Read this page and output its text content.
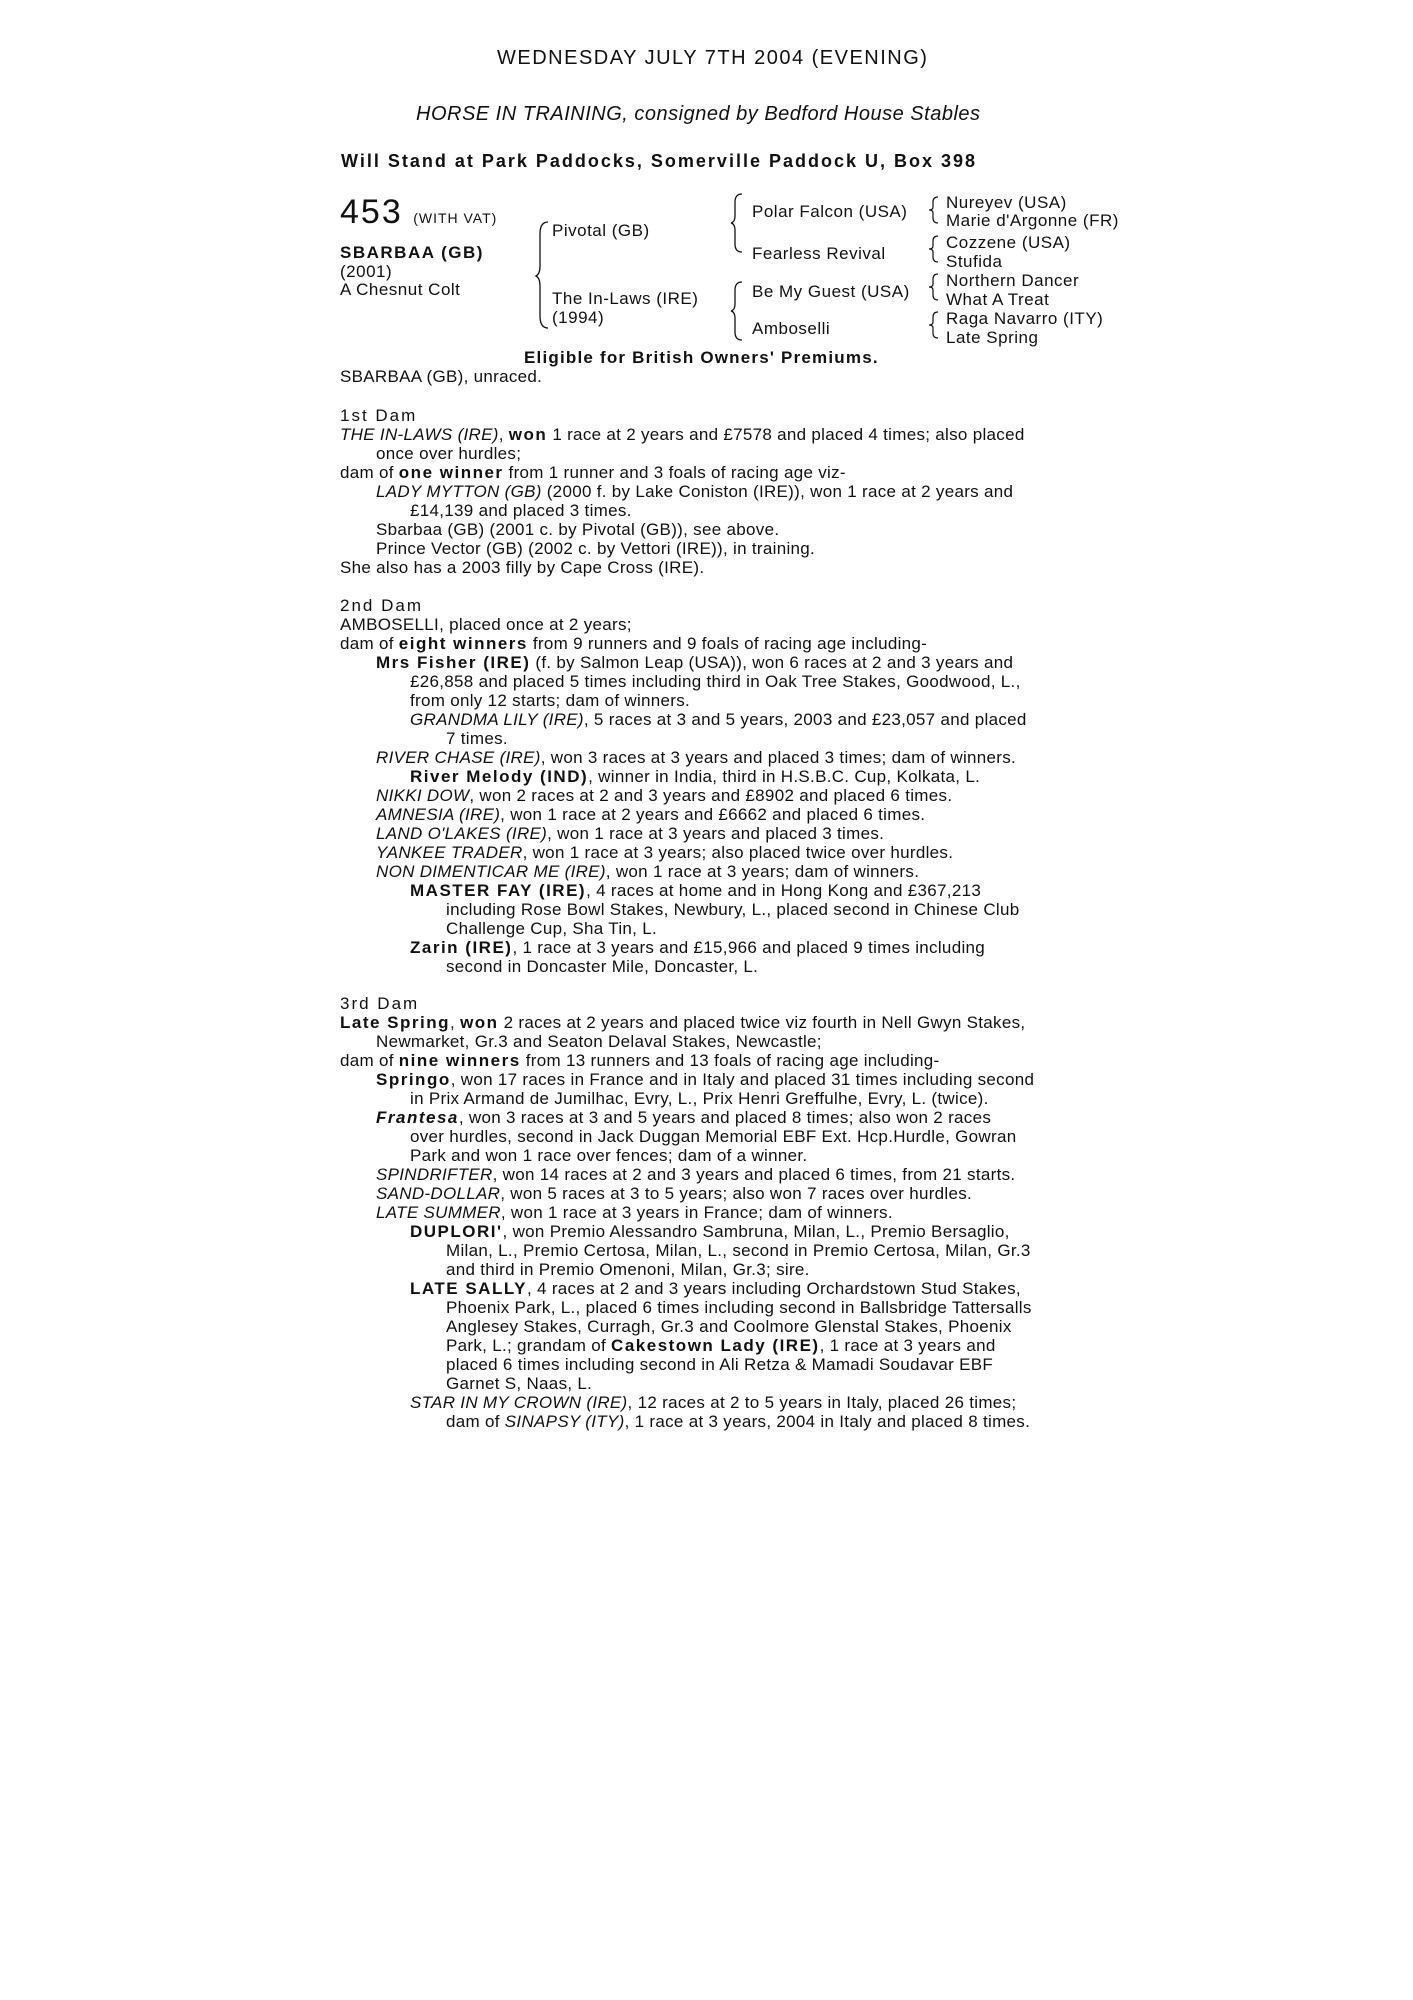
WEDNESDAY JULY 7TH 2004 (EVENING)
HORSE IN TRAINING, consigned by Bedford House Stables
Will Stand at Park Paddocks, Somerville Paddock U, Box 398
453 (WITH VAT)
SBARBAA (GB)
(2001)
A Chesnut Colt
Pivotal (GB)
The In-Laws (IRE)
(1994)
Polar Falcon (USA)
Fearless Revival
Be My Guest (USA)
Amboselli
Nureyev (USA)
Marie d'Argonne (FR)
Cozzene (USA)
Stufida
Northern Dancer
What A Treat
Raga Navarro (ITY)
Late Spring
Eligible for British Owners' Premiums.
SBARBAA (GB), unraced.
1st Dam
THE IN-LAWS (IRE), won 1 race at 2 years and £7578 and placed 4 times; also placed
once over hurdles;
dam of one winner from 1 runner and 3 foals of racing age viz-
LADY MYTTON (GB) (2000 f. by Lake Coniston (IRE)), won 1 race at 2 years and
£14,139 and placed 3 times.
Sbarbaa (GB) (2001 c. by Pivotal (GB)), see above.
Prince Vector (GB) (2002 c. by Vettori (IRE)), in training.
She also has a 2003 filly by Cape Cross (IRE).
2nd Dam
AMBOSELLI, placed once at 2 years;
dam of eight winners from 9 runners and 9 foals of racing age including-
Mrs Fisher (IRE) (f. by Salmon Leap (USA)), won 6 races at 2 and 3 years and
£26,858 and placed 5 times including third in Oak Tree Stakes, Goodwood, L.,
from only 12 starts; dam of winners.
GRANDMA LILY (IRE), 5 races at 3 and 5 years, 2003 and £23,057 and placed
7 times.
RIVER CHASE (IRE), won 3 races at 3 years and placed 3 times; dam of winners.
River Melody (IND), winner in India, third in H.S.B.C. Cup, Kolkata, L.
NIKKI DOW, won 2 races at 2 and 3 years and £8902 and placed 6 times.
AMNESIA (IRE), won 1 race at 2 years and £6662 and placed 6 times.
LAND O'LAKES (IRE), won 1 race at 3 years and placed 3 times.
YANKEE TRADER, won 1 race at 3 years; also placed twice over hurdles.
NON DIMENTICAR ME (IRE), won 1 race at 3 years; dam of winners.
MASTER FAY (IRE), 4 races at home and in Hong Kong and £367,213
including Rose Bowl Stakes, Newbury, L., placed second in Chinese Club
Challenge Cup, Sha Tin, L.
Zarin (IRE), 1 race at 3 years and £15,966 and placed 9 times including
second in Doncaster Mile, Doncaster, L.
3rd Dam
Late Spring, won 2 races at 2 years and placed twice viz fourth in Nell Gwyn Stakes,
Newmarket, Gr.3 and Seaton Delaval Stakes, Newcastle;
dam of nine winners from 13 runners and 13 foals of racing age including-
Springo, won 17 races in France and in Italy and placed 31 times including second
in Prix Armand de Jumilhac, Evry, L., Prix Henri Greffulhe, Evry, L. (twice).
Frantesa, won 3 races at 3 and 5 years and placed 8 times; also won 2 races
over hurdles, second in Jack Duggan Memorial EBF Ext. Hcp.Hurdle, Gowran
Park and won 1 race over fences; dam of a winner.
SPINDRIFTER, won 14 races at 2 and 3 years and placed 6 times, from 21 starts.
SAND-DOLLAR, won 5 races at 3 to 5 years; also won 7 races over hurdles.
LATE SUMMER, won 1 race at 3 years in France; dam of winners.
DUPLORI', won Premio Alessandro Sambruna, Milan, L., Premio Bersaglio,
Milan, L., Premio Certosa, Milan, L., second in Premio Certosa, Milan, Gr.3
and third in Premio Omenoni, Milan, Gr.3; sire.
LATE SALLY, 4 races at 2 and 3 years including Orchardstown Stud Stakes,
Phoenix Park, L., placed 6 times including second in Ballsbridge Tattersalls
Anglesey Stakes, Curragh, Gr.3 and Coolmore Glenstal Stakes, Phoenix
Park, L.; grandam of Cakestown Lady (IRE), 1 race at 3 years and
placed 6 times including second in Ali Retza & Mamadi Soudavar EBF
Garnet S, Naas, L.
STAR IN MY CROWN (IRE), 12 races at 2 to 5 years in Italy, placed 26 times;
dam of SINAPSY (ITY), 1 race at 3 years, 2004 in Italy and placed 8 times.
